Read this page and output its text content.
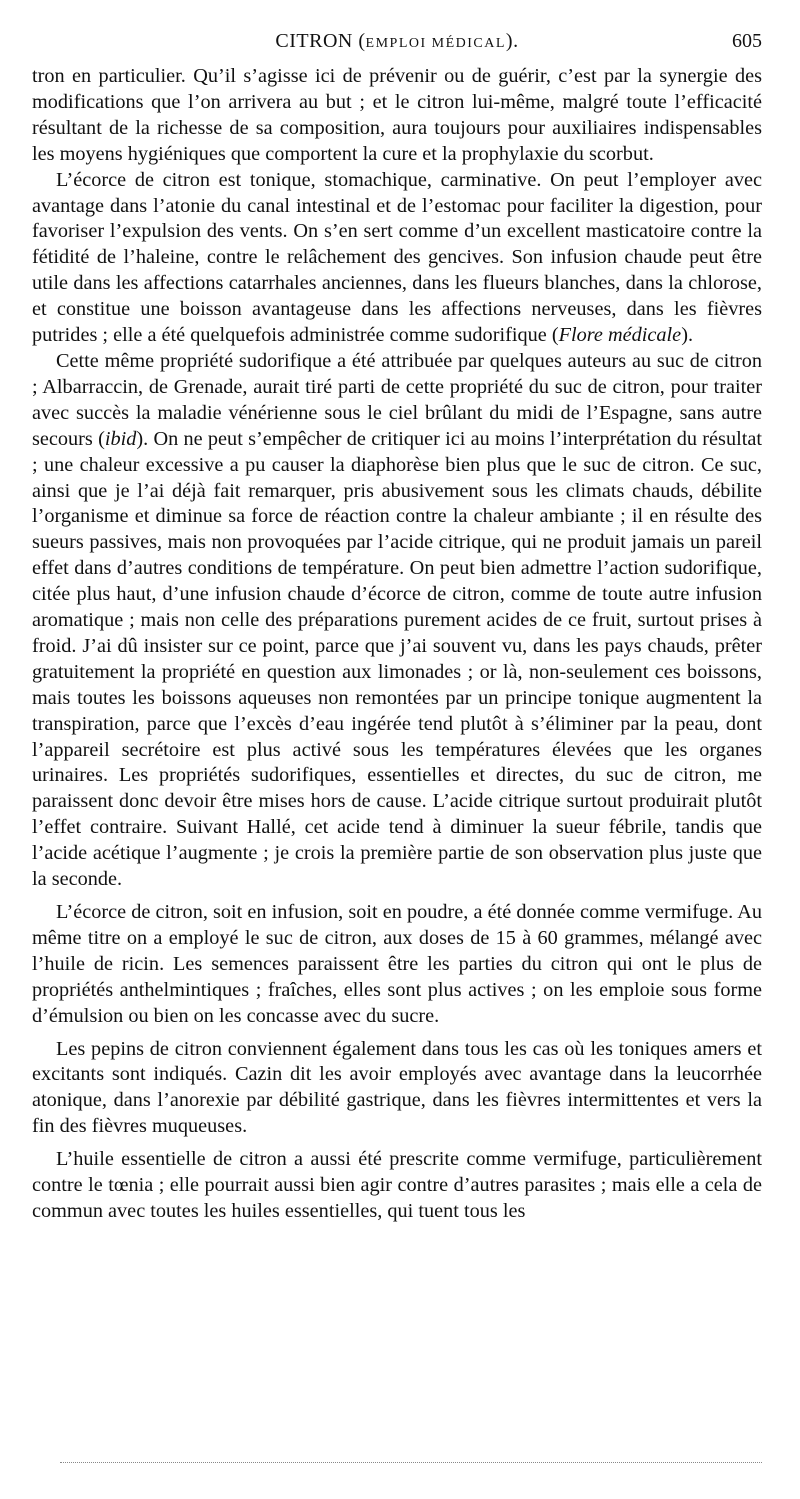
CITRON (EMPLOI MÉDICAL).	605

tron en particulier. Qu’il s’agisse ici de prévenir ou de guérir, c’est par la synergie des modifications que l’on arrivera au but ; et le citron lui-même, malgré toute l’efficacité résultant de la richesse de sa composition, aura toujours pour auxiliaires indispensables les moyens hygiéniques que comportent la cure et la prophylaxie du scorbut.

L’écorce de citron est tonique, stomachique, carminative. On peut l’employer avec avantage dans l’atonie du canal intestinal et de l’estomac pour faciliter la digestion, pour favoriser l’expulsion des vents. On s’en sert comme d’un excellent masticatoire contre la fétidité de l’haleine, contre le relâchement des gencives. Son infusion chaude peut être utile dans les affections catarrhales anciennes, dans les flueurs blanches, dans la chlorose, et constitue une boisson avantageuse dans les affections nerveuses, dans les fièvres putrides ; elle a été quelquefois administrée comme sudorifique (Flore médicale).

Cette même propriété sudorifique a été attribuée par quelques auteurs au suc de citron ; Albarraccin, de Grenade, aurait tiré parti de cette propriété du suc de citron, pour traiter avec succès la maladie vénérienne sous le ciel brûlant du midi de l’Espagne, sans autre secours (ibid). On ne peut s’empêcher de critiquer ici au moins l’interprétation du résultat ; une chaleur excessive a pu causer la diaphorèse bien plus que le suc de citron. Ce suc, ainsi que je l’ai déjà fait remarquer, pris abusivement sous les climats chauds, débilite l’organisme et diminue sa force de réaction contre la chaleur ambiante ; il en résulte des sueurs passives, mais non provoquées par l’acide citrique, qui ne produit jamais un pareil effet dans d’autres conditions de température. On peut bien admettre l’action sudorifique, citée plus haut, d’une infusion chaude d’écorce de citron, comme de toute autre infusion aromatique ; mais non celle des préparations purement acides de ce fruit, surtout prises à froid. J’ai dû insister sur ce point, parce que j’ai souvent vu, dans les pays chauds, prêter gratuitement la propriété en question aux limonades ; or là, non-seulement ces boissons, mais toutes les boissons aqueuses non remontées par un principe tonique augmentent la transpiration, parce que l’excès d’eau ingérée tend plutôt à s’éliminer par la peau, dont l’appareil secrétoire est plus activé sous les températures élevées que les organes urinaires. Les propriétés sudorifiques, essentielles et directes, du suc de citron, me paraissent donc devoir être mises hors de cause. L’acide citrique surtout produirait plutôt l’effet contraire. Suivant Hallé, cet acide tend à diminuer la sueur fébrile, tandis que l’acide acétique l’augmente ; je crois la première partie de son observation plus juste que la seconde.

L’écorce de citron, soit en infusion, soit en poudre, a été donnée comme vermifuge. Au même titre on a employé le suc de citron, aux doses de 15 à 60 grammes, mélangé avec l’huile de ricin. Les semences paraissent être les parties du citron qui ont le plus de propriétés anthelmintiques ; fraîches, elles sont plus actives ; on les emploie sous forme d’émulsion ou bien on les concasse avec du sucre.

Les pepins de citron conviennent également dans tous les cas où les toniques amers et excitants sont indiqués. Cazin dit les avoir employés avec avantage dans la leucorrhée atonique, dans l’anorexie par débilité gastrique, dans les fièvres intermittentes et vers la fin des fièvres muqueuses.

L’huile essentielle de citron a aussi été prescrite comme vermifuge, particulièrement contre le tœnia ; elle pourrait aussi bien agir contre d’autres parasites ; mais elle a cela de commun avec toutes les huiles essentielles, qui tuent tous les
